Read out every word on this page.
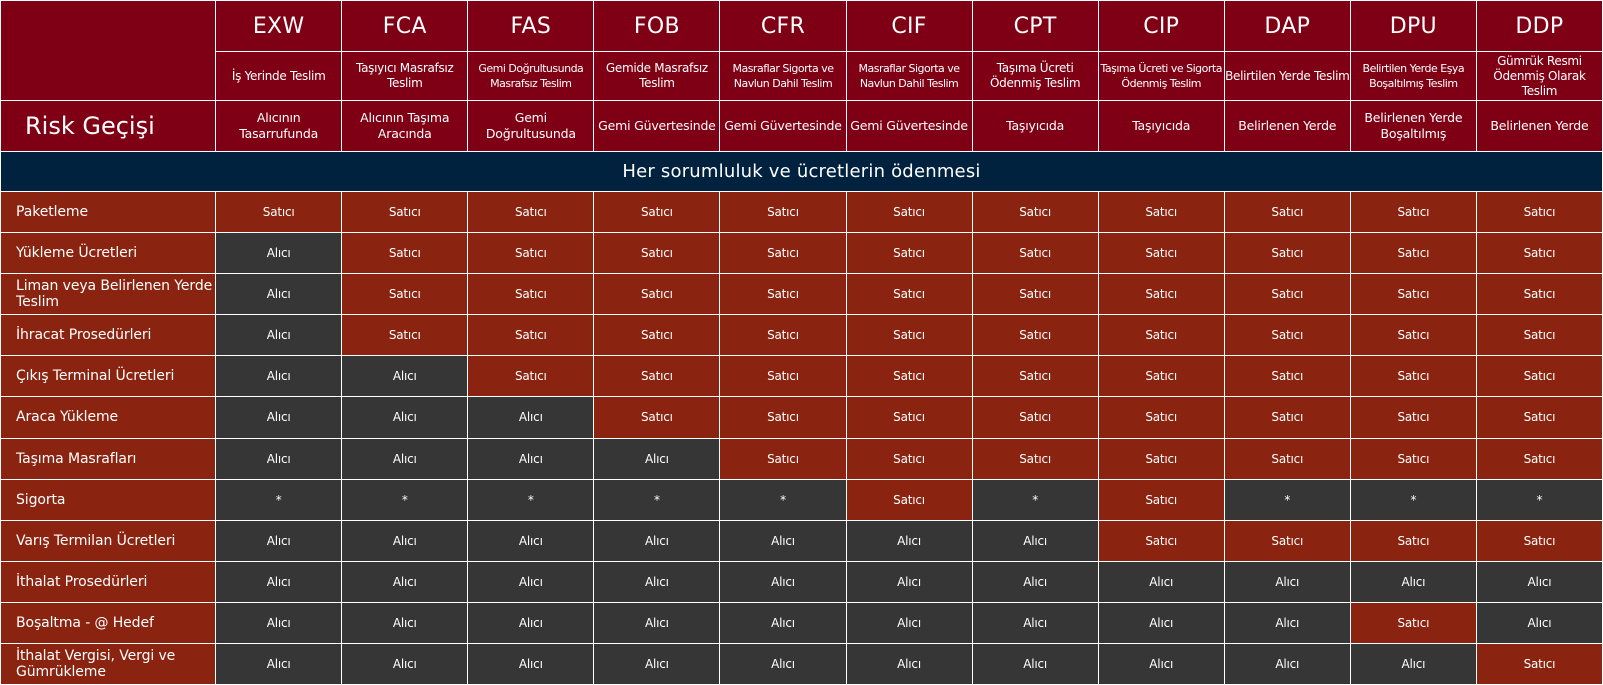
	EXW	FCA	FAS	FOB	CFR	CIF	CPT	CIP	DAP	DPU	DDP
	İş Yerinde Teslim	Taşıyıcı Masrafsız Teslim	Gemi Doğrultusunda Masrafsız Teslim	Gemide Masrafsız Teslim	Masraflar Sigorta ve Navlun Dahil Teslim	Masraflar Sigorta ve Navlun Dahil Teslim	Taşıma Ücreti Ödenmiş Teslim	Taşıma Ücreti ve Sigorta Ödenmiş Teslim	Belirtilen Yerde Teslim	Belirtilen Yerde Eşya Boşaltılmış Teslim	Gümrük Resmi Ödenmiş Olarak Teslim
Risk Geçişi	Alıcının Tasarrufunda	Alıcının Taşıma Aracında	Gemi Doğrultusunda	Gemi Güvertesinde	Gemi Güvertesinde	Gemi Güvertesinde	Taşıyıcıda	Taşıyıcıda	Belirlenen Yerde	Belirlenen Yerde Boşaltılmış	Belirlenen Yerde
Her sorumluluk ve ücretlerin ödenmesi											
Paketleme	Satıcı	Satıcı	Satıcı	Satıcı	Satıcı	Satıcı	Satıcı	Satıcı	Satıcı	Satıcı	Satıcı
Yükleme Ücretleri	Alıcı	Satıcı	Satıcı	Satıcı	Satıcı	Satıcı	Satıcı	Satıcı	Satıcı	Satıcı	Satıcı
Liman veya Belirlenen Yerde Teslim	Alıcı	Satıcı	Satıcı	Satıcı	Satıcı	Satıcı	Satıcı	Satıcı	Satıcı	Satıcı	Satıcı
İhracat Prosedürleri	Alıcı	Satıcı	Satıcı	Satıcı	Satıcı	Satıcı	Satıcı	Satıcı	Satıcı	Satıcı	Satıcı
Çıkış Terminal Ücretleri	Alıcı	Alıcı	Satıcı	Satıcı	Satıcı	Satıcı	Satıcı	Satıcı	Satıcı	Satıcı	Satıcı
Araca Yükleme	Alıcı	Alıcı	Alıcı	Satıcı	Satıcı	Satıcı	Satıcı	Satıcı	Satıcı	Satıcı	Satıcı
Taşıma Masrafları	Alıcı	Alıcı	Alıcı	Alıcı	Satıcı	Satıcı	Satıcı	Satıcı	Satıcı	Satıcı	Satıcı
Sigorta	*	*	*	*	*	Satıcı	*	Satıcı	*	*	*
Varış Termilan Ücretleri	Alıcı	Alıcı	Alıcı	Alıcı	Alıcı	Alıcı	Alıcı	Satıcı	Satıcı	Satıcı	Satıcı
İthalat Prosedürleri	Alıcı	Alıcı	Alıcı	Alıcı	Alıcı	Alıcı	Alıcı	Alıcı	Alıcı	Alıcı	Alıcı
Boşaltma - @ Hedef	Alıcı	Alıcı	Alıcı	Alıcı	Alıcı	Alıcı	Alıcı	Alıcı	Alıcı	Satıcı	Alıcı
İthalat Vergisi, Vergi ve Gümrükleme	Alıcı	Alıcı	Alıcı	Alıcı	Alıcı	Alıcı	Alıcı	Alıcı	Alıcı	Alıcı	Satıcı
